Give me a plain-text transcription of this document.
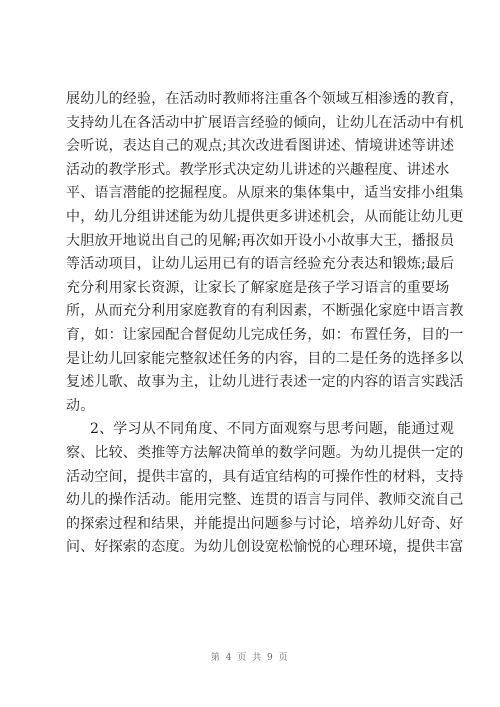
展幼儿的经验，在活动时教师将注重各个领域互相渗透的教育，
支持幼儿在各活动中扩展语言经验的倾向，让幼儿在活动中有机
会听说，表达自己的观点;其次改进看图讲述、情境讲述等讲述
活动的教学形式。教学形式决定幼儿讲述的兴趣程度、讲述水
平、语言潜能的挖掘程度。从原来的集体集中，适当安排小组集
中，幼儿分组讲述能为幼儿提供更多讲述机会，从而能让幼儿更
大胆放开地说出自己的见解;再次如开设小小故事大王，播报员
等活动项目，让幼儿运用已有的语言经验充分表达和锻炼;最后
充分利用家长资源，让家长了解家庭是孩子学习语言的重要场
所，从而充分利用家庭教育的有利因素，不断强化家庭中语言教
育，如：让家园配合督促幼儿完成任务，如：布置任务，目的一
是让幼儿回家能完整叙述任务的内容，目的二是任务的选择多以
复述儿歌、故事为主，让幼儿进行表述一定的内容的语言实践活
动。
2、学习从不同角度、不同方面观察与思考问题，能通过观
察、比较、类推等方法解决简单的数学问题。为幼儿提供一定的
活动空间，提供丰富的，具有适宜结构的可操作性的材料，支持
幼儿的操作活动。能用完整、连贯的语言与同伴、教师交流自己
的探索过程和结果，并能提出问题参与讨论，培养幼儿好奇、好
问、好探索的态度。为幼儿创设宽松愉悦的心理环境，提供丰富
第 4 页 共 9 页
